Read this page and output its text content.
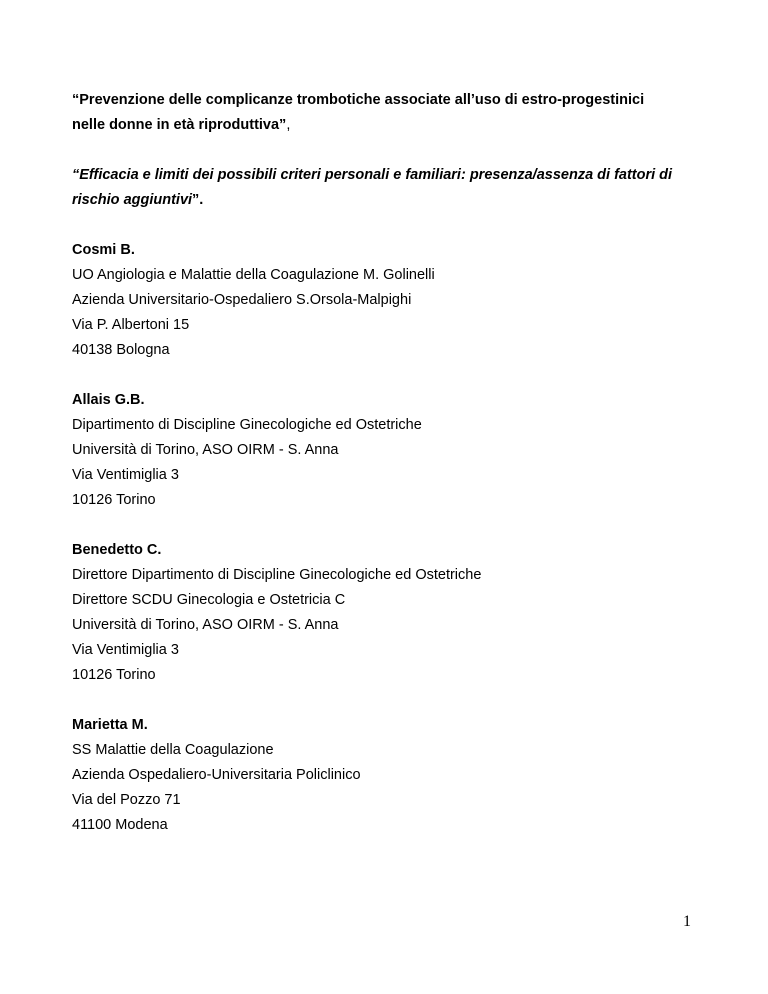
“Prevenzione delle complicanze trombotiche associate all’uso di estro-progestinici
nelle donne in età riproduttiva”,
“Efficacia e limiti dei possibili criteri personali e familiari: presenza/assenza di fattori di
rischio aggiuntivi”.
Cosmi B.
UO Angiologia e Malattie della Coagulazione M. Golinelli
Azienda Universitario-Ospedaliero S.Orsola-Malpighi
Via P. Albertoni 15
40138 Bologna
Allais G.B.
Dipartimento di Discipline Ginecologiche ed Ostetriche
Università di Torino, ASO OIRM - S. Anna
Via Ventimiglia 3
10126 Torino
Benedetto C.
Direttore Dipartimento di Discipline Ginecologiche ed Ostetriche
Direttore SCDU Ginecologia e Ostetricia C
Università di Torino, ASO OIRM - S. Anna
Via Ventimiglia 3
10126 Torino
Marietta M.
SS Malattie della Coagulazione
Azienda Ospedaliero-Universitaria Policlinico
Via del Pozzo 71
41100 Modena
1
